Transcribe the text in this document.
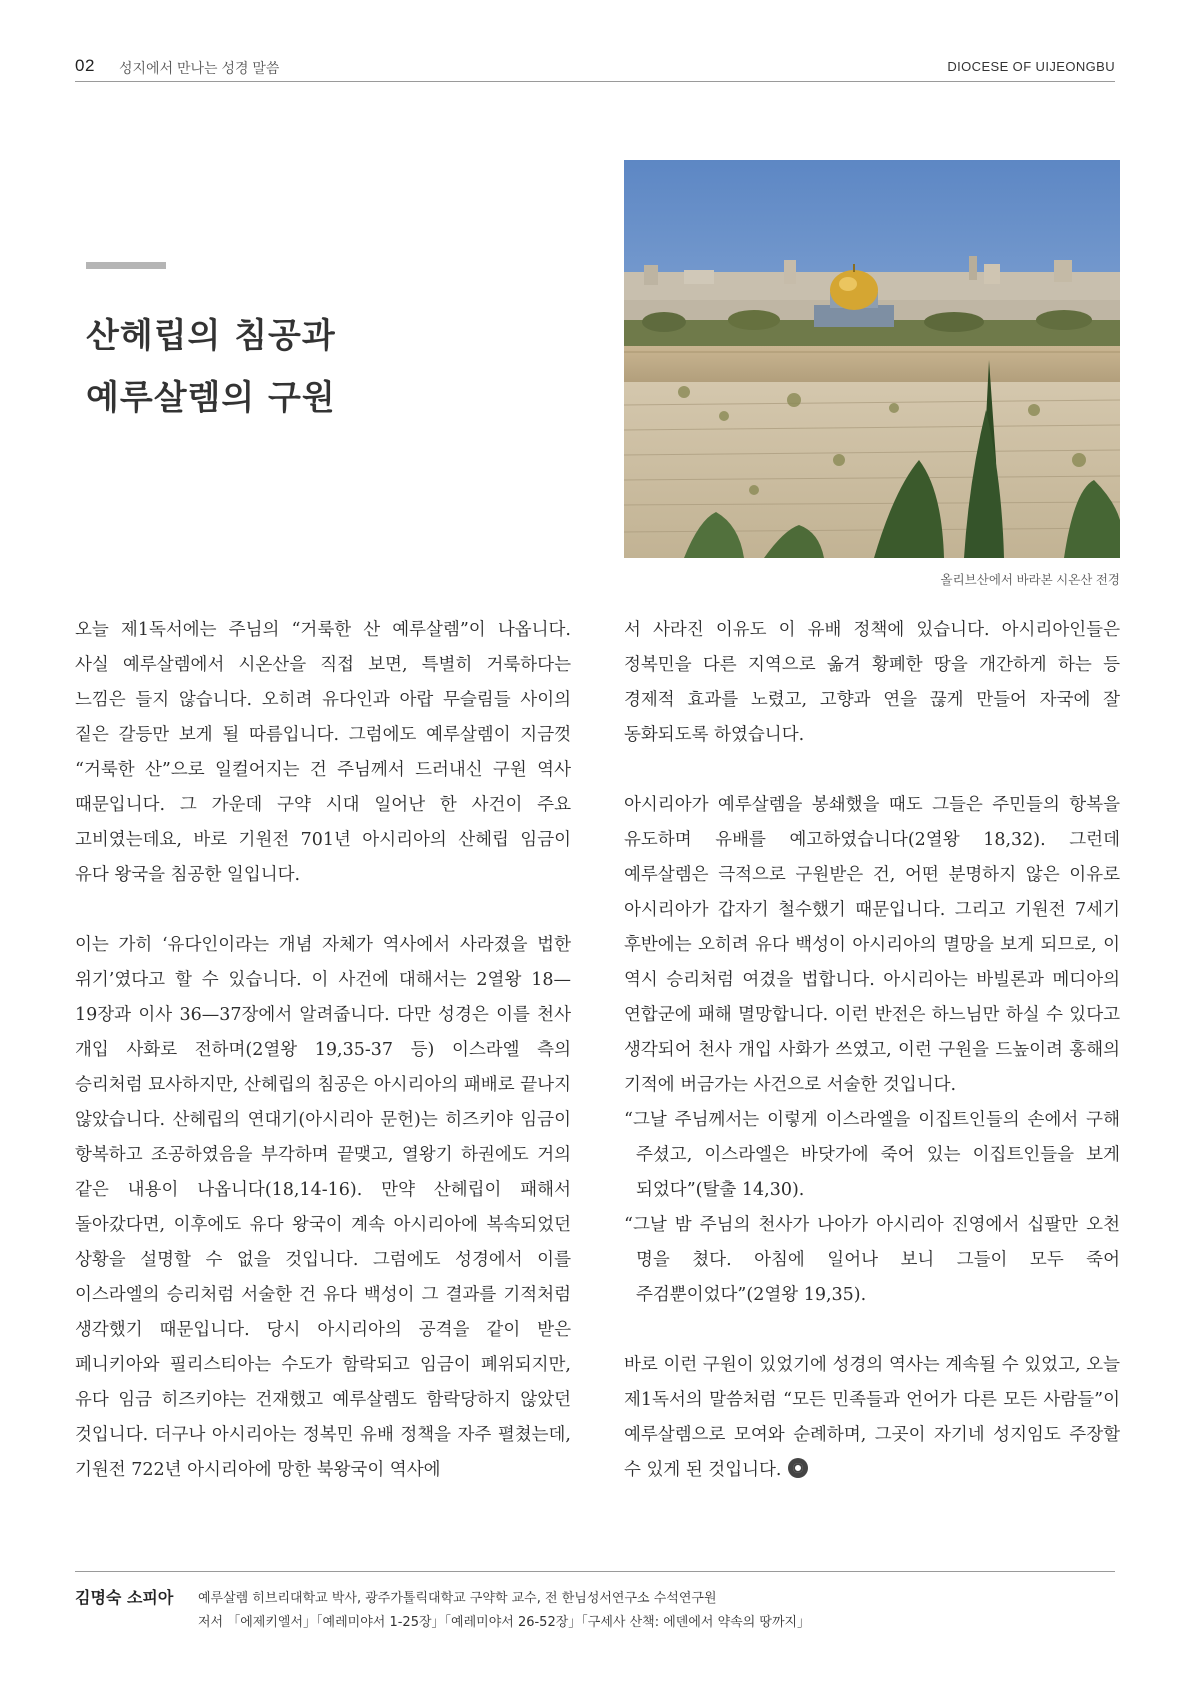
02 성지에서 만나는 성경 말씀	DIOCESE OF UIJEONGBU
산헤립의 침공과
예루살렘의 구원
올리브산에서 바라본 시온산 전경

오늘 제1독서에는 주님의 “거룩한 산 예루살렘”이 나옵니다. 사실 예루살렘에서 시온산을 직접 보면, 특별히 거룩하다는 느낌은 들지 않습니다. 오히려 유다인과 아랍 무슬림들 사이의 짙은 갈등만 보게 될 따름입니다. 그럼에도 예루살렘이 지금껏 “거룩한 산”으로 일컬어지는 건 주님께서 드러내신 구원 역사 때문입니다. 그 가운데 구약 시대 일어난 한 사건이 주요 고비였는데요, 바로 기원전 701년 아시리아의 산헤립 임금이 유다 왕국을 침공한 일입니다.

이는 가히 ‘유다인이라는 개념 자체가 역사에서 사라졌을 법한 위기’였다고 할 수 있습니다. 이 사건에 대해서는 2열왕 18—19장과 이사 36—37장에서 알려줍니다. 다만 성경은 이를 천사 개입 사화로 전하며(2열왕 19,35-37 등) 이스라엘 측의 승리처럼 묘사하지만, 산헤립의 침공은 아시리아의 패배로 끝나지 않았습니다. 산헤립의 연대기(아시리아 문헌)는 히즈키야 임금이 항복하고 조공하였음을 부각하며 끝맺고, 열왕기 하권에도 거의 같은 내용이 나옵니다(18,14-16). 만약 산헤립이 패해서 돌아갔다면, 이후에도 유다 왕국이 계속 아시리아에 복속되었던 상황을 설명할 수 없을 것입니다. 그럼에도 성경에서 이를 이스라엘의 승리처럼 서술한 건 유다 백성이 그 결과를 기적처럼 생각했기 때문입니다. 당시 아시리아의 공격을 같이 받은 페니키아와 필리스티아는 수도가 함락되고 임금이 폐위되지만, 유다 임금 히즈키야는 건재했고 예루살렘도 함락당하지 않았던 것입니다. 더구나 아시리아는 정복민 유배 정책을 자주 펼쳤는데, 기원전 722년 아시리아에 망한 북왕국이 역사에

서 사라진 이유도 이 유배 정책에 있습니다. 아시리아인들은 정복민을 다른 지역으로 옮겨 황폐한 땅을 개간하게 하는 등 경제적 효과를 노렸고, 고향과 연을 끊게 만들어 자국에 잘 동화되도록 하였습니다.

아시리아가 예루살렘을 봉쇄했을 때도 그들은 주민들의 항복을 유도하며 유배를 예고하였습니다(2열왕 18,32). 그런데 예루살렘은 극적으로 구원받은 건, 어떤 분명하지 않은 이유로 아시리아가 갑자기 철수했기 때문입니다. 그리고 기원전 7세기 후반에는 오히려 유다 백성이 아시리아의 멸망을 보게 되므로, 이 역시 승리처럼 여겼을 법합니다. 아시리아는 바빌론과 메디아의 연합군에 패해 멸망합니다. 이런 반전은 하느님만 하실 수 있다고 생각되어 천사 개입 사화가 쓰였고, 이런 구원을 드높이려 홍해의 기적에 버금가는 사건으로 서술한 것입니다.

“그날 주님께서는 이렇게 이스라엘을 이집트인들의 손에서 구해 주셨고, 이스라엘은 바닷가에 죽어 있는 이집트인들을 보게 되었다”(탈출 14,30).

“그날 밤 주님의 천사가 나아가 아시리아 진영에서 십팔만 오천 명을 쳤다. 아침에 일어나 보니 그들이 모두 죽어 주검뿐이었다”(2열왕 19,35).

바로 이런 구원이 있었기에 성경의 역사는 계속될 수 있었고, 오늘 제1독서의 말씀처럼 “모든 민족들과 언어가 다른 모든 사람들”이 예루살렘으로 모여와 순례하며, 그곳이 자기네 성지임도 주장할 수 있게 된 것입니다.

김명숙 소피아 예루살렘 히브리대학교 박사, 광주가톨릭대학교 구약학 교수, 전 한님성서연구소 수석연구원
저서 「에제키엘서」「예레미야서 1-25장」「예레미야서 26-52장」「구세사 산책: 에덴에서 약속의 땅까지」
